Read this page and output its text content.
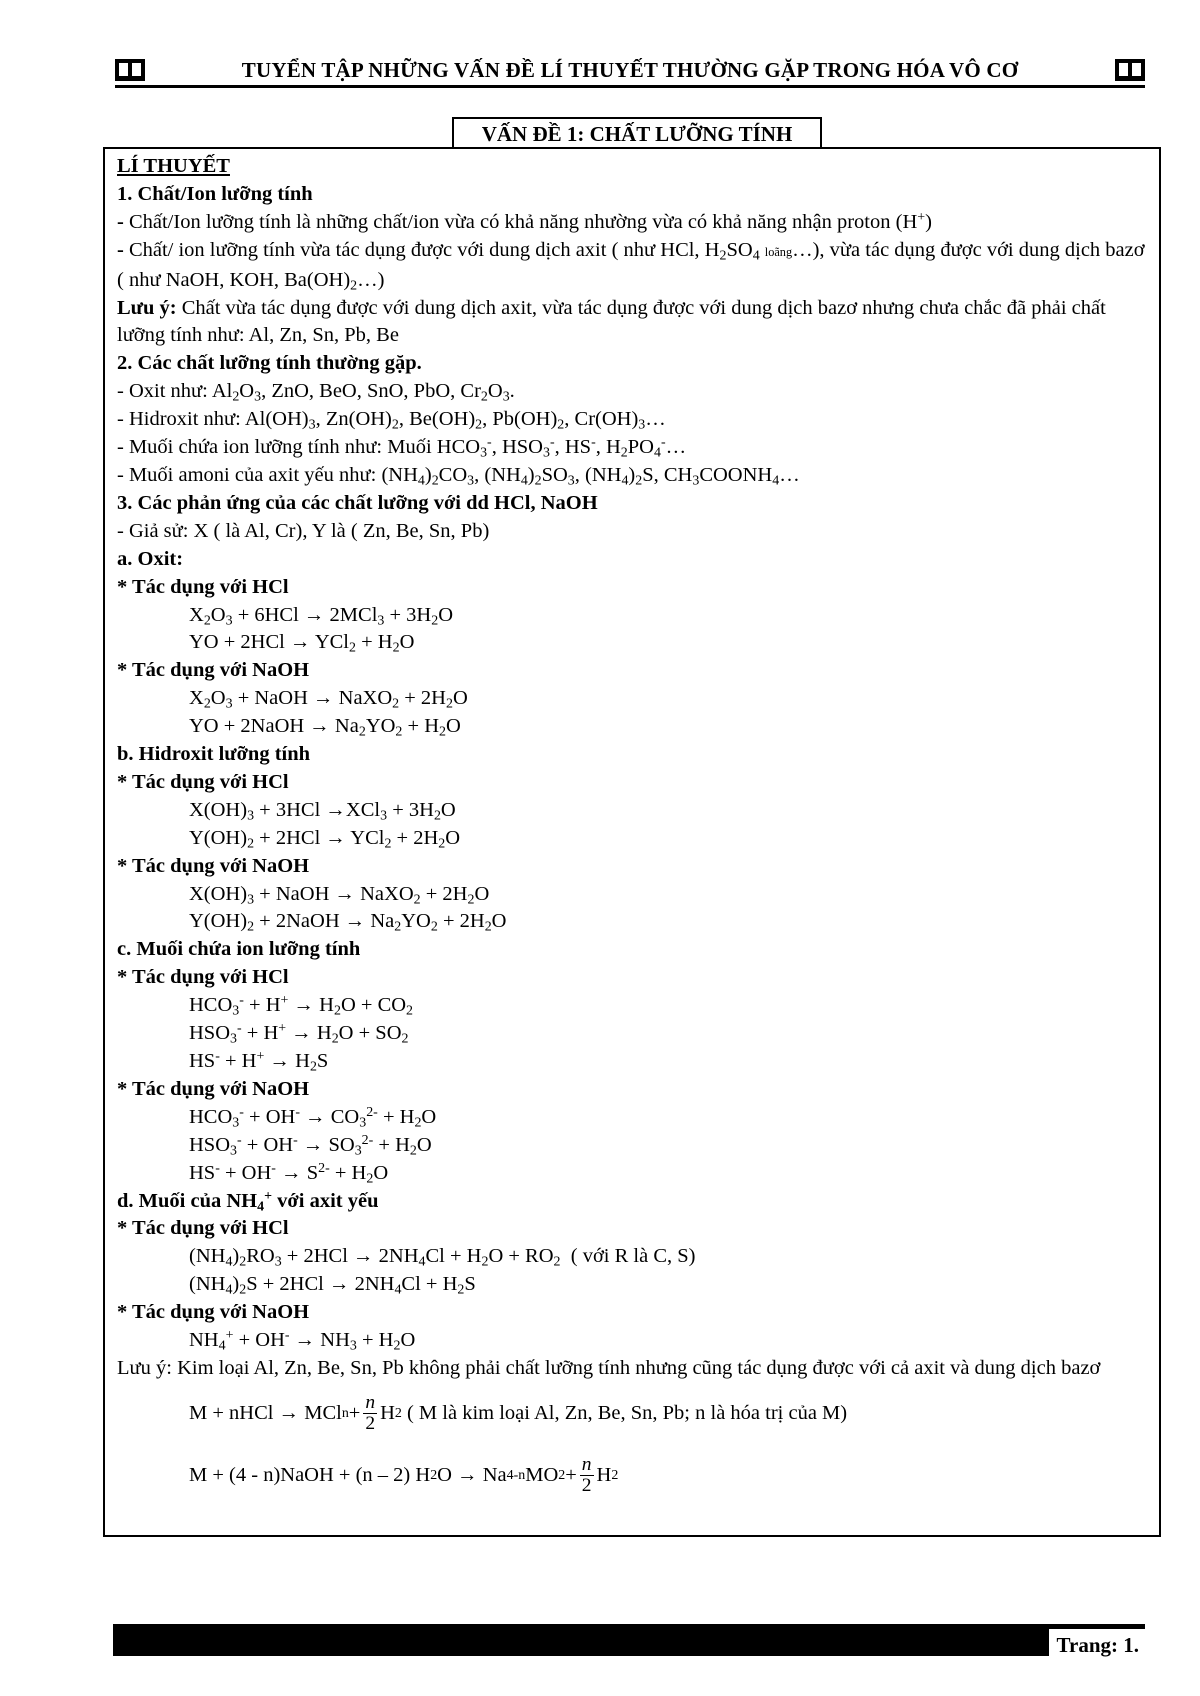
TUYỂN TẬP NHỮNG VẤN ĐỀ LÍ THUYẾT THƯỜNG GẶP TRONG HÓA VÔ CƠ
VẤN ĐỀ 1: CHẤT LƯỠNG TÍNH
LÍ THUYẾT
1. Chất/Ion lưỡng tính
- Chất/Ion lưỡng tính là những chất/ion vừa có khả năng nhường vừa có khả năng nhận proton (H+)
- Chất/ ion lưỡng tính vừa tác dụng được với dung dịch axit ( như HCl, $H_2SO_4$ loãng…), vừa tác dụng được với dung dịch bazơ ( như NaOH, KOH, $Ba(OH)_2\dots$)
Lưu ý: Chất vừa tác dụng được với dung dịch axit, vừa tác dụng được với dung dịch bazơ nhưng chưa chắc đã phải chất lưỡng tính như: Al, Zn, Sn, Pb, Be
2. Các chất lưỡng tính thường gặp.
- Oxit như: $Al_2O_3$, ZnO, BeO, SnO, PbO, $Cr_2O_3$.
- Hidroxit như: $Al(OH)_3$, $Zn(OH)_2$, $Be(OH)_2$, $Pb(OH)_2$, $Cr(OH)_3\dots$
- Muối chứa ion lưỡng tính như: Muối $HCO_3^-$, $HSO_3^-$, HS-, $H_2PO_4^-\dots$
- Muối amoni của axit yếu như: $(NH_4)_2CO_3$, $(NH_4)_2SO_3$, $(NH_4)_2S$, $CH_3COONH_4\dots$
3. Các phản ứng của các chất lưỡng với dd HCl, NaOH
- Giả sử: X ( là Al, Cr), Y là ( Zn, Be, Sn, Pb)
a. Oxit:
* Tác dụng với HCl
$X_2O_3 + 6HCl \to 2MCl_3 + 3H_2O$
YO + $2HCl \to YCl_2 + H_2O$
* Tác dụng với NaOH
$X_2O_3$ + NaOH → NaXO$_2$ + $2H_2O$
YO + 2NaOH → $Na_2YO_2 + H_2O$
b. Hidroxit lưỡng tính
* Tác dụng với HCl
$X(OH)_3 + 3HCl \to XCl_3 + 3H_2O$
$Y(OH)_2 + 2HCl \to YCl_2 + 2H_2O$
* Tác dụng với NaOH
$X(OH)_3$ + NaOH → NaXO$_2$ + $2H_2O$
$Y(OH)_2$ + 2NaOH → $Na_2YO_2 + 2H_2O$
c. Muối chứa ion lưỡng tính
* Tác dụng với HCl
$HCO_3^- + H^+ \to H_2O + CO_2$
$HSO_3^- + H^+ \to H_2O + SO_2$
$HS^- + H^+ \to H_2S$
* Tác dụng với NaOH
$HCO_3^- + OH^- \to CO_3^{2-} + H_2O$
$HSO_3^- + OH^- \to SO_3^{2-} + H_2O$
$HS^- + OH^- \to S^{2-} + H_2O$
d. Muối của $NH_4^+$ với axit yếu
* Tác dụng với HCl
$(NH_4)_2RO_3 + 2HCl \to 2NH_4Cl + H_2O + RO_2$ ( với R là C, S)
$(NH_4)_2S + 2HCl \to 2NH_4Cl + H_2S$
* Tác dụng với NaOH
$NH_4^+ + OH^- \to NH_3 + H_2O$
Lưu ý: Kim loại Al, Zn, Be, Sn, Pb không phải chất lưỡng tính nhưng cũng tác dụng được với cả axit và dung dịch bazơ
M + nHCl → MCl $n + \frac{n}{2}$ H 2
( M là kim loại Al, Zn, Be, Sn, Pb; n là hóa trị của M)
M + (4 - n)NaOH + (n – 2) H 2 O → Na 4-n MO $2 + \frac{n}{2}$ H 2
Trang: 1.
